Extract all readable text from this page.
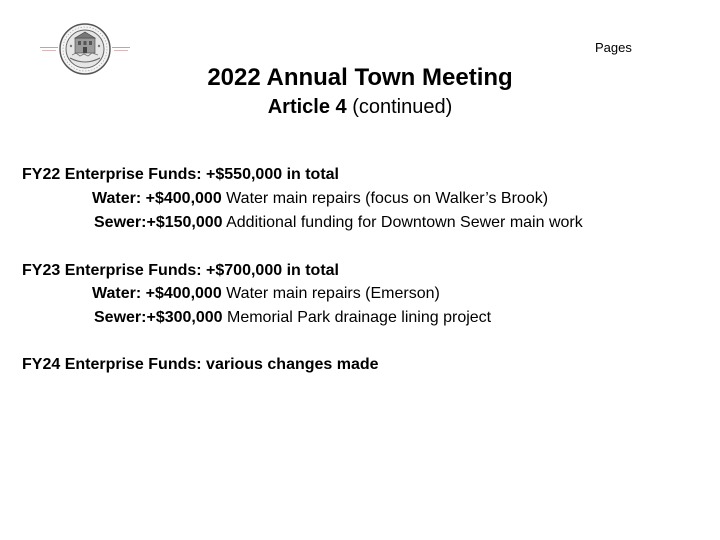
Pages
2022 Annual Town Meeting
Article 4 (continued)
FY22 Enterprise Funds: +$550,000 in total
Water: +$400,000 Water main repairs (focus on Walker’s Brook)
Sewer:+$150,000 Additional funding for Downtown Sewer main work
FY23 Enterprise Funds: +$700,000 in total
Water: +$400,000 Water main repairs (Emerson)
Sewer:+$300,000 Memorial Park drainage lining project
FY24 Enterprise Funds: various changes made
